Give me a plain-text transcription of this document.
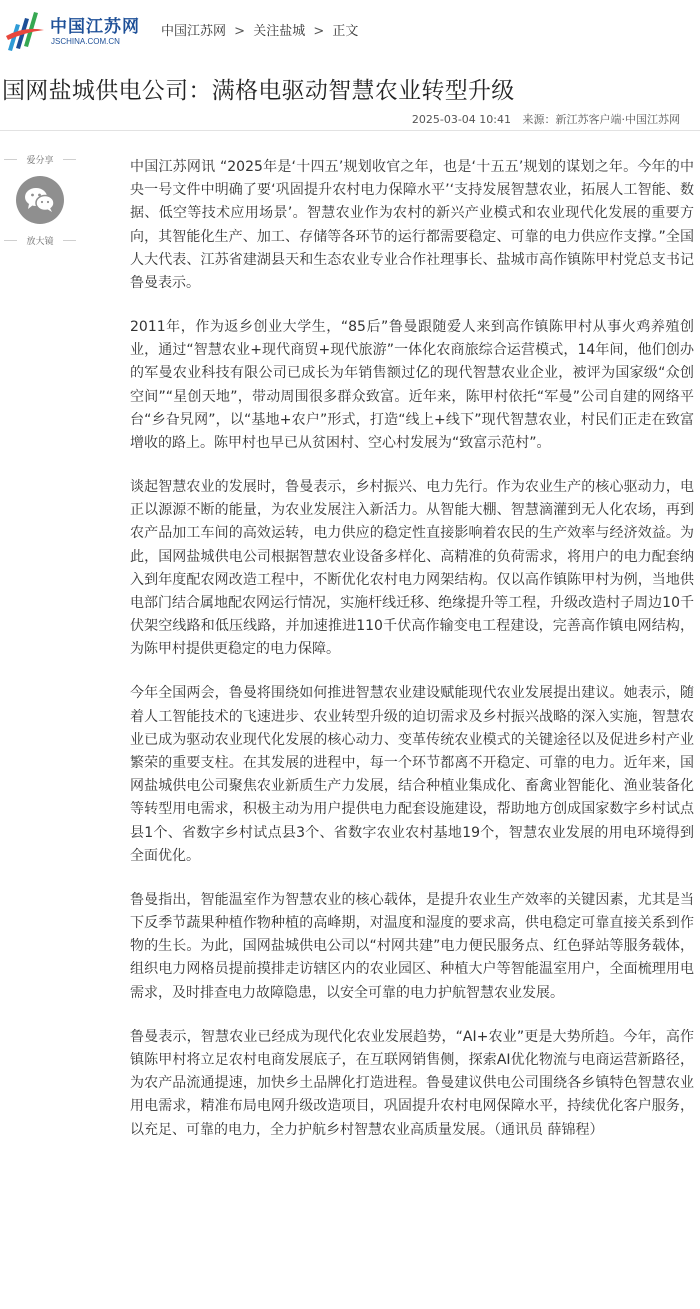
中国江苏网
JSCHINA.COM.CN
中国江苏网 > 关注盐城 > 正文
国网盐城供电公司：满格电驱动智慧农业转型升级
2025-03-04 10:41 来源：新江苏客户端·中国江苏网
爱分享
放大镜

中国江苏网讯 “2025年是‘十四五’规划收官之年，也是‘十五五’规划的谋划之年。今年的中央一号文件中明确了要‘巩固提升农村电力保障水平’‘支持发展智慧农业，拓展人工智能、数据、低空等技术应用场景’。智慧农业作为农村的新兴产业模式和农业现代化发展的重要方向，其智能化生产、加工、存储等各环节的运行都需要稳定、可靠的电力供应作支撑。”全国人大代表、江苏省建湖县天和生态农业专业合作社理事长、盐城市高作镇陈甲村党总支书记鲁曼表示。

2011年，作为返乡创业大学生，“85后”鲁曼跟随爱人来到高作镇陈甲村从事火鸡养殖创业，通过“智慧农业+现代商贸+现代旅游”一体化农商旅综合运营模式，14年间，他们创办的军曼农业科技有限公司已成长为年销售额过亿的现代智慧农业企业，被评为国家级“众创空间”“星创天地”，带动周围很多群众致富。近年来，陈甲村依托“军曼”公司自建的网络平台“乡旮旯网”，以“基地+农户”形式，打造“线上+线下”现代智慧农业，村民们正走在致富增收的路上。陈甲村也早已从贫困村、空心村发展为“致富示范村”。

谈起智慧农业的发展时，鲁曼表示，乡村振兴、电力先行。作为农业生产的核心驱动力，电正以源源不断的能量，为农业发展注入新活力。从智能大棚、智慧滴灌到无人化农场，再到农产品加工车间的高效运转，电力供应的稳定性直接影响着农民的生产效率与经济效益。为此，国网盐城供电公司根据智慧农业设备多样化、高精准的负荷需求，将用户的电力配套纳入到年度配农网改造工程中，不断优化农村电力网架结构。仅以高作镇陈甲村为例，当地供电部门结合属地配农网运行情况，实施杆线迁移、绝缘提升等工程，升级改造村子周边10千伏架空线路和低压线路，并加速推进110千伏高作输变电工程建设，完善高作镇电网结构，为陈甲村提供更稳定的电力保障。

今年全国两会，鲁曼将围绕如何推进智慧农业建设赋能现代农业发展提出建议。她表示，随着人工智能技术的飞速进步、农业转型升级的迫切需求及乡村振兴战略的深入实施，智慧农业已成为驱动农业现代化发展的核心动力、变革传统农业模式的关键途径以及促进乡村产业繁荣的重要支柱。在其发展的进程中，每一个环节都离不开稳定、可靠的电力。近年来，国网盐城供电公司聚焦农业新质生产力发展，结合种植业集成化、畜禽业智能化、渔业装备化等转型用电需求，积极主动为用户提供电力配套设施建设，帮助地方创成国家数字乡村试点县1个、省数字乡村试点县3个、省数字农业农村基地19个，智慧农业发展的用电环境得到全面优化。

鲁曼指出，智能温室作为智慧农业的核心载体，是提升农业生产效率的关键因素，尤其是当下反季节蔬果种植作物种植的高峰期，对温度和湿度的要求高，供电稳定可靠直接关系到作物的生长。为此，国网盐城供电公司以“村网共建”电力便民服务点、红色驿站等服务载体，组织电力网格员提前摸排走访辖区内的农业园区、种植大户等智能温室用户，全面梳理用电需求，及时排查电力故障隐患，以安全可靠的电力护航智慧农业发展。

鲁曼表示，智慧农业已经成为现代化农业发展趋势，“AI+农业”更是大势所趋。今年，高作镇陈甲村将立足农村电商发展底子，在互联网销售侧，探索AI优化物流与电商运营新路径，为农产品流通提速，加快乡土品牌化打造进程。鲁曼建议供电公司围绕各乡镇特色智慧农业用电需求，精准布局电网升级改造项目，巩固提升农村电网保障水平，持续优化客户服务，以充足、可靠的电力，全力护航乡村智慧农业高质量发展。（通讯员 薛锦程）
